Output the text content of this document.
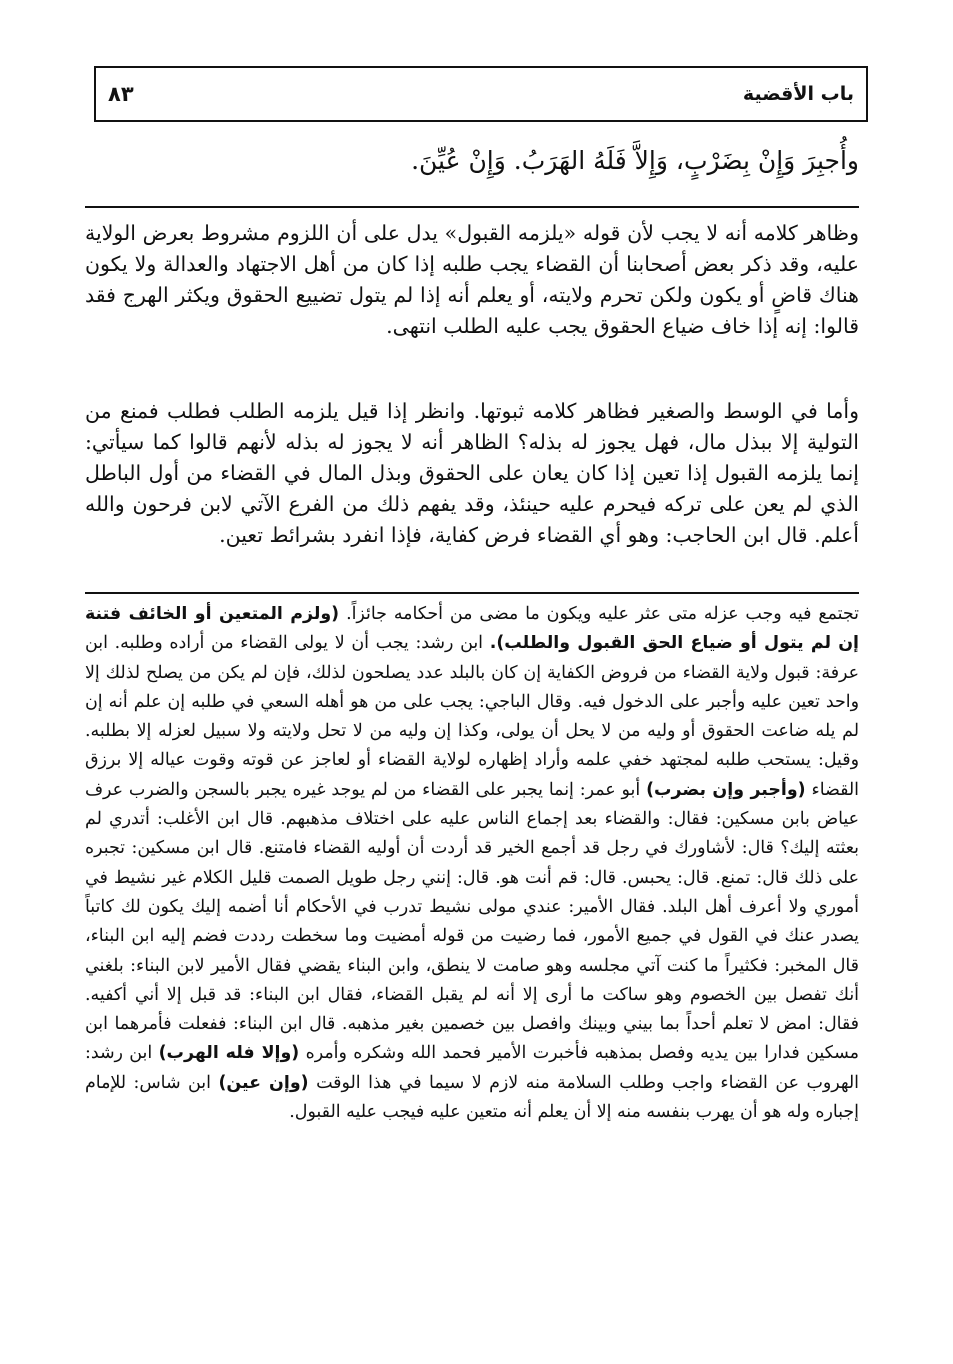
باب الأقضية
٨٣

وأُجبِرَ وَإِنْ بِضَرْبٍ، وَإِلاَّ فَلَهُ الهَرَبُ. وَإِنْ عُيِّنَ.

وظاهر كلامه أنه لا يجب لأن قوله «يلزمه القبول» يدل على أن اللزوم مشروط بعرض الولاية عليه، وقد ذكر بعض أصحابنا أن القضاء يجب طلبه إذا كان من أهل الاجتهاد والعدالة ولا يكون هناك قاضٍ أو يكون ولكن تحرم ولايته، أو يعلم أنه إذا لم يتول تضييع الحقوق ويكثر الهرج فقد قالوا: إنه إذا خاف ضياع الحقوق يجب عليه الطلب انتهى.

وأما في الوسط والصغير فظاهر كلامه ثبوتها. وانظر إذا قيل يلزمه الطلب فطلب فمنع من التولية إلا ببذل مال، فهل يجوز له بذله؟ الظاهر أنه لا يجوز له بذله لأنهم قالوا كما سيأتي: إنما يلزمه القبول إذا تعين إذا كان يعان على الحقوق وبذل المال في القضاء من أول الباطل الذي لم يعن على تركه فيحرم عليه حينئذ، وقد يفهم ذلك من الفرع الآتي لابن فرحون والله أعلم. قال ابن الحاجب: وهو أي القضاء فرض كفاية، فإذا انفرد بشرائط تعين.

تجتمع فيه وجب عزله متى عثر عليه ويكون ما مضى من أحكامه جائزاً. (ولزم المتعين أو الخائف فتنة إن لم يتول أو ضياع الحق القبول والطلب). ابن رشد: يجب أن لا يولى القضاء من أراده وطلبه. ابن عرفة: قبول ولاية القضاء من فروض الكفاية إن كان بالبلد عدد يصلحون لذلك، فإن لم يكن من يصلح لذلك إلا واحد تعين عليه وأجبر على الدخول فيه. وقال الباجي: يجب على من هو أهله السعي في طلبه إن علم أنه إن لم يله ضاعت الحقوق أو وليه من لا يحل أن يولى، وكذا إن وليه من لا تحل ولايته ولا سبيل لعزله إلا بطلبه. وقيل: يستحب طلبه لمجتهد خفي علمه وأراد إظهاره لولاية القضاء أو لعاجز عن قوته وقوت عياله إلا برزق القضاء (وأجبر وإن بضرب) أبو عمر: إنما يجبر على القضاء من لم يوجد غيره يجبر بالسجن والضرب عرف عياض بابن مسكين: فقال: والقضاء بعد إجماع الناس عليه على اختلاف مذهبهم. قال ابن الأغلب: أتدري لم بعثته إليك؟ قال: لأشاورك في رجل قد أجمع الخير قد أردت أن أوليه القضاء فامتنع. قال ابن مسكين: تجبره على ذلك قال: تمنع. قال: يحبس. قال: قم أنت هو. قال: إنني رجل طويل الصمت قليل الكلام غير نشيط في أموري ولا أعرف أهل البلد. فقال الأمير: عندي مولى نشيط تدرب في الأحكام أنا أضمه إليك يكون لك كاتباً يصدر عنك في القول في جميع الأمور، فما رضيت من قوله أمضيت وما سخطت رددت فضم إليه ابن البناء، قال المخبر: فكثيراً ما كنت آتي مجلسه وهو صامت لا ينطق، وابن البناء يقضي فقال الأمير لابن البناء: بلغني أنك تفصل بين الخصوم وهو ساكت ما أرى إلا أنه لم يقبل القضاء، فقال ابن البناء: قد قبل إلا أني أكفيه. فقال: امض لا تعلم أحداً بما بيني وبينك وافصل بين خصمين بغير مذهبه. قال ابن البناء: ففعلت فأمرهما ابن مسكين فدارا بين يديه وفصل بمذهبه فأخبرت الأمير فحمد الله وشكره وأمره (وإلا فله الهرب) ابن رشد: الهروب عن القضاء واجب وطلب السلامة منه لازم لا سيما في هذا الوقت (وإن عين) ابن شاس: للإمام إجباره وله هو أن يهرب بنفسه منه إلا أن يعلم أنه متعين عليه فيجب عليه القبول.
